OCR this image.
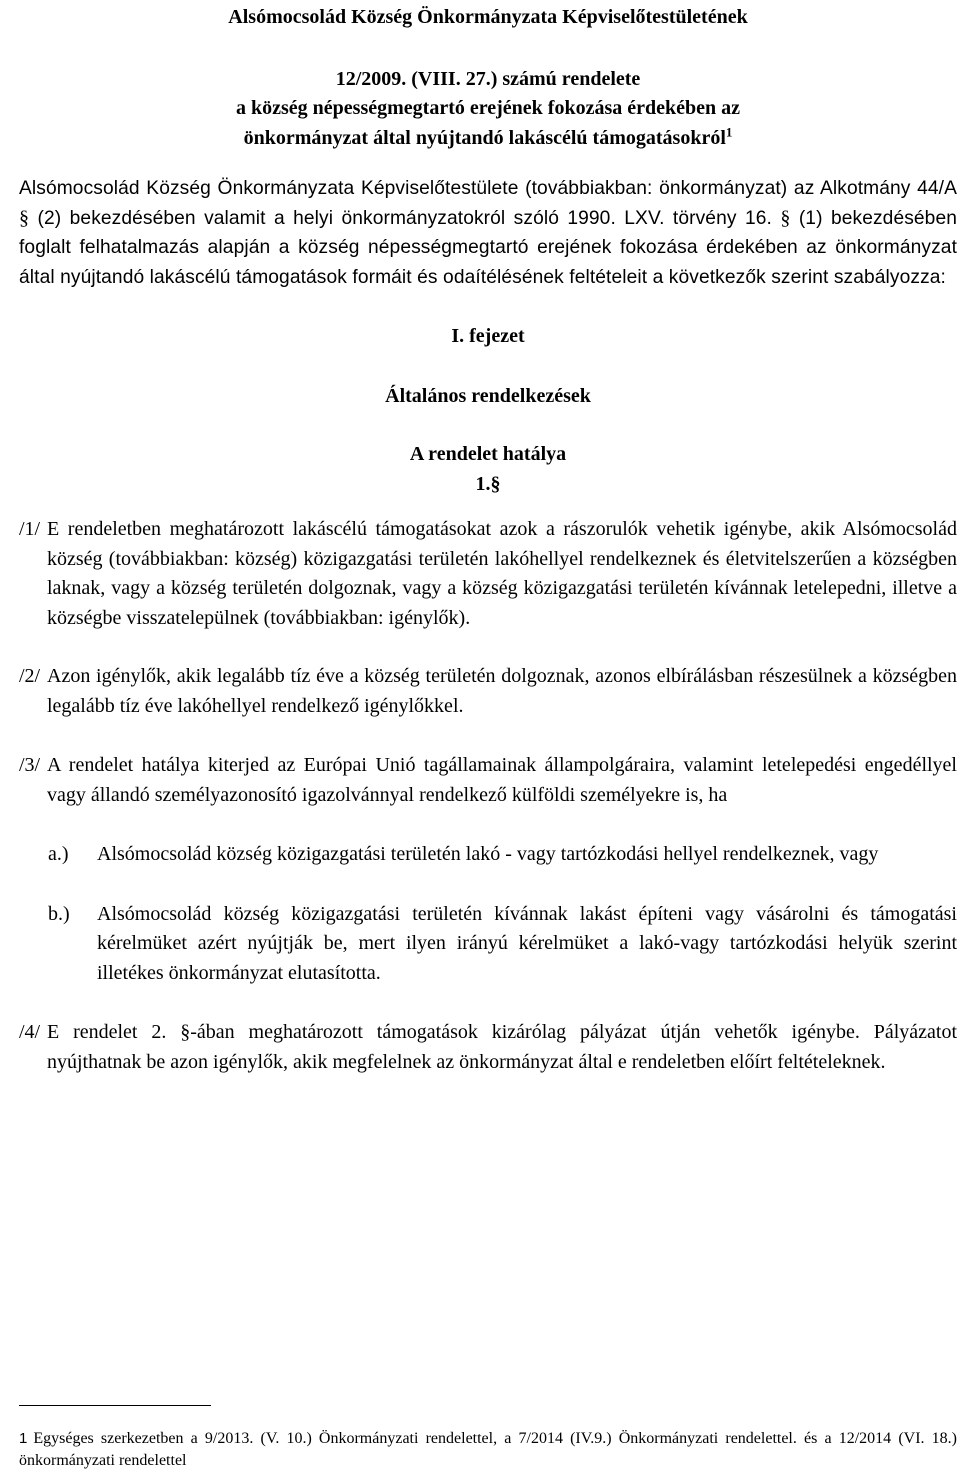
Alsómocsolád Község Önkormányzata Képviselőtestületének

12/2009. (VIII. 27.) számú rendelete

a község népességmegtartó erejének fokozása érdekében az

önkormányzat által nyújtandó lakáscélú támogatásokról$^1$

Alsómocsolád Község Önkormányzata Képviselőtestülete (továbbiakban: önkormányzat) az Alkotmány 44/A § (2) bekezdésében valamit a helyi önkormányzatokról szóló 1990. LXV. törvény 16. § (1) bekezdésében foglalt felhatalmazás alapján a község népességmegtartó erejének fokozása érdekében az önkormányzat által nyújtandó lakáscélú támogatások formáit és odaítélésének feltételeit a következők szerint szabályozza:

I. fejezet

Általános rendelkezések

A rendelet hatálya

1.§

/1/ E rendeletben meghatározott lakáscélú támogatásokat azok a rászorulók vehetik igénybe, akik Alsómocsolád község (továbbiakban: község) közigazgatási területén lakóhellyel rendelkeznek és életvitelszerűen a községben laknak, vagy a község területén dolgoznak, vagy a község közigazgatási területén kívánnak letelepedni, illetve a községbe visszatelepülnek (továbbiakban: igénylők).

/2/ Azon igénylők, akik legalább tíz éve a község területén dolgoznak, azonos elbírálásban részesülnek a községben legalább tíz éve lakóhellyel rendelkező igénylőkkel.

/3/ A rendelet hatálya kiterjed az Európai Unió tagállamainak állampolgáraira, valamint letelepedési engedéllyel vagy állandó személyazonosító igazolvánnyal rendelkező külföldi személyekre is, ha

a.) Alsómocsolád község közigazgatási területén lakó - vagy tartózkodási hellyel rendelkeznek, vagy

b.) Alsómocsolád község közigazgatási területén kívánnak lakást építeni vagy vásárolni és támogatási kérelmüket azért nyújtják be, mert ilyen irányú kérelmüket a lakó-vagy tartózkodási helyük szerint illetékes önkormányzat elutasította.

/4/ E rendelet 2. §-ában meghatározott támogatások kizárólag pályázat útján vehetők igénybe. Pályázatot nyújthatnak be azon igénylők, akik megfelelnek az önkormányzat által e rendeletben előírt feltételeknek.

1 Egységes szerkezetben a 9/2013. (V. 10.) Önkormányzati rendelettel, a 7/2014 (IV.9.) Önkormányzati rendelettel. és a 12/2014 (VI. 18.) önkormányzati rendelettel
